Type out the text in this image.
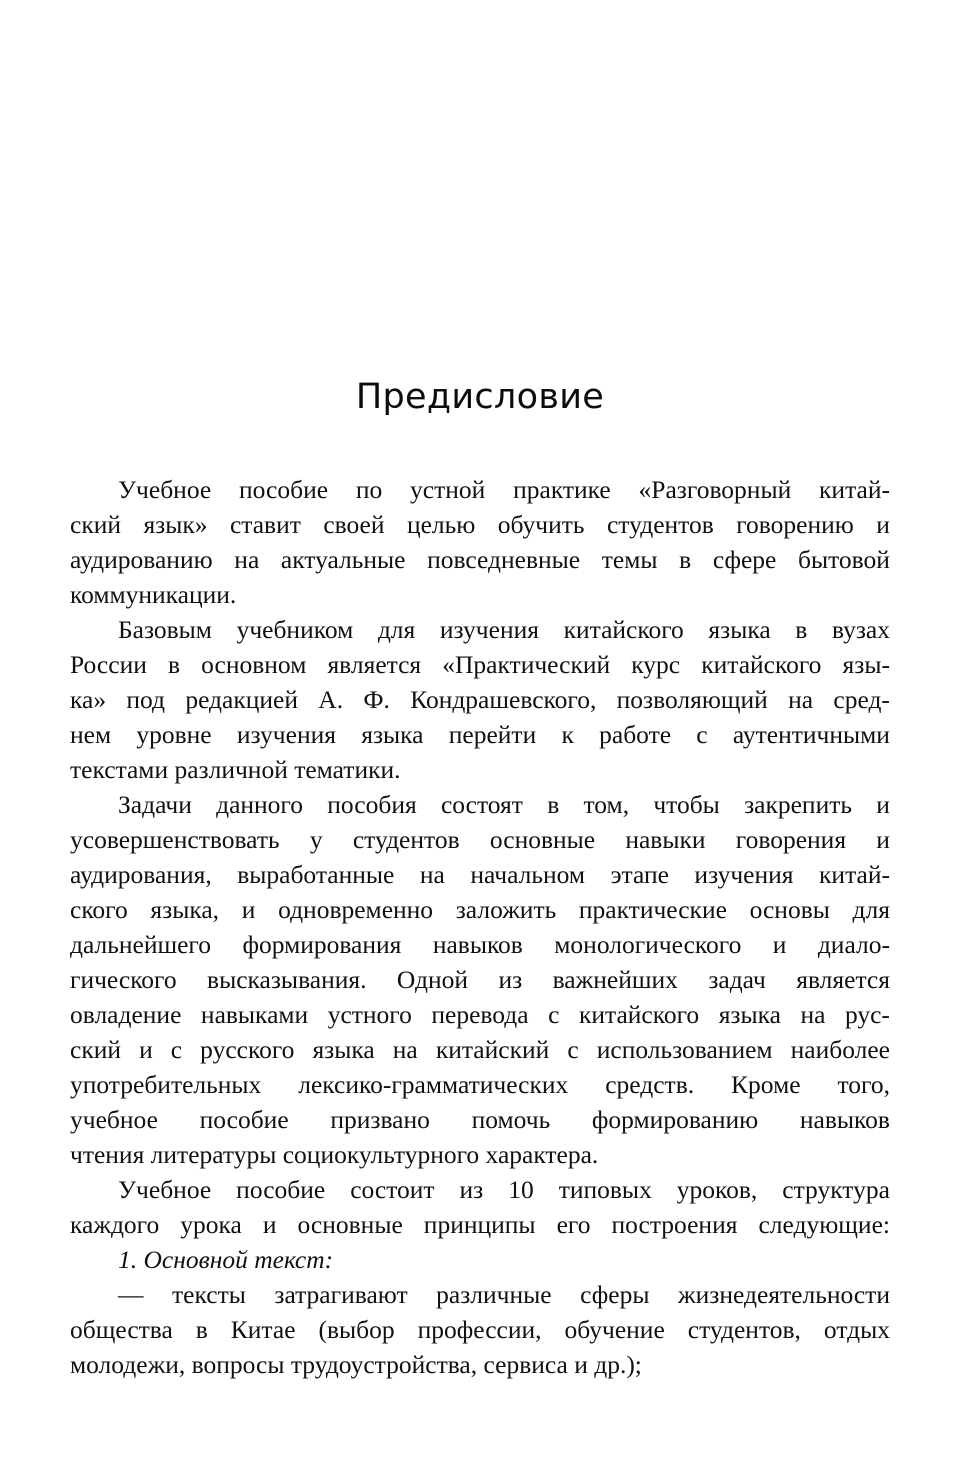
Предисловие

Учебное пособие по устной практике «Разговорный китай-
ский язык» ставит своей целью обучить студентов говорению и
аудированию на актуальные повседневные темы в сфере бытовой
коммуникации.

Базовым учебником для изучения китайского языка в вузах
России в основном является «Практический курс китайского язы-
ка» под редакцией А. Ф. Кондрашевского, позволяющий на сред-
нем уровне изучения языка перейти к работе с аутентичными
текстами различной тематики.

Задачи данного пособия состоят в том, чтобы закрепить и
усовершенствовать у студентов основные навыки говорения и
аудирования, выработанные на начальном этапе изучения китай-
ского языка, и одновременно заложить практические основы для
дальнейшего формирования навыков монологического и диало-
гического высказывания. Одной из важнейших задач является
овладение навыками устного перевода с китайского языка на рус-
ский и с русского языка на китайский с использованием наиболее
употребительных лексико-грамматических средств. Кроме того,
учебное пособие призвано помочь формированию навыков
чтения литературы социокультурного характера.

Учебное пособие состоит из 10 типовых уроков, структура
каждого урока и основные принципы его построения следующие:

1. Основной текст:

— тексты затрагивают различные сферы жизнедеятельности
общества в Китае (выбор профессии, обучение студентов, отдых
молодежи, вопросы трудоустройства, сервиса и др.);
